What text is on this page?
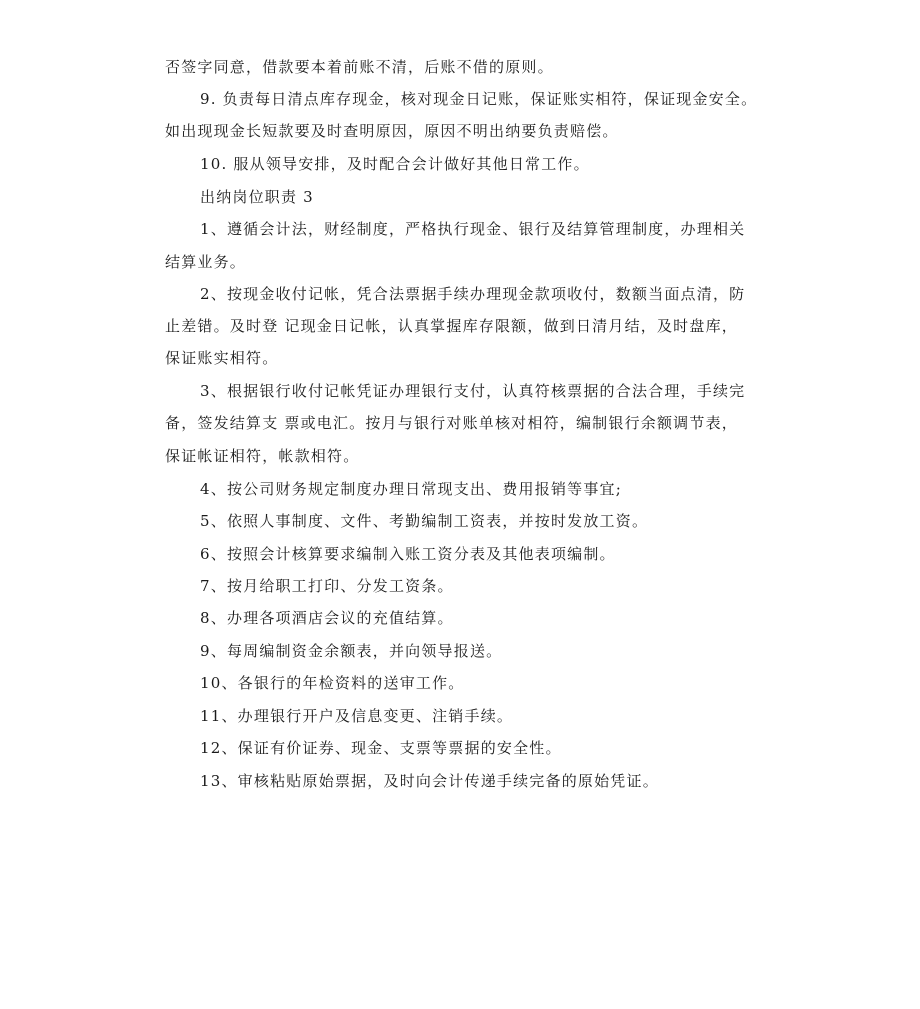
否签字同意，借款要本着前账不清，后账不借的原则。
9. 负责每日清点库存现金，核对现金日记账，保证账实相符，保证现金安全。
如出现现金长短款要及时查明原因，原因不明出纳要负责赔偿。
10. 服从领导安排，及时配合会计做好其他日常工作。
出纳岗位职责 3
1、遵循会计法，财经制度，严格执行现金、银行及结算管理制度，办理相关
结算业务。
2、按现金收付记帐，凭合法票据手续办理现金款项收付，数额当面点清，防
止差错。及时登 记现金日记帐，认真掌握库存限额，做到日清月结，及时盘库，
保证账实相符。
3、根据银行收付记帐凭证办理银行支付，认真符核票据的合法合理，手续完
备，签发结算支 票或电汇。按月与银行对账单核对相符，编制银行余额调节表，
保证帐证相符，帐款相符。
4、按公司财务规定制度办理日常现支出、费用报销等事宜;
5、依照人事制度、文件、考勤编制工资表，并按时发放工资。
6、按照会计核算要求编制入账工资分表及其他表项编制。
7、按月给职工打印、分发工资条。
8、办理各项酒店会议的充值结算。
9、每周编制资金余额表，并向领导报送。
10、各银行的年检资料的送审工作。
11、办理银行开户及信息变更、注销手续。
12、保证有价证券、现金、支票等票据的安全性。
13、审核粘贴原始票据，及时向会计传递手续完备的原始凭证。
